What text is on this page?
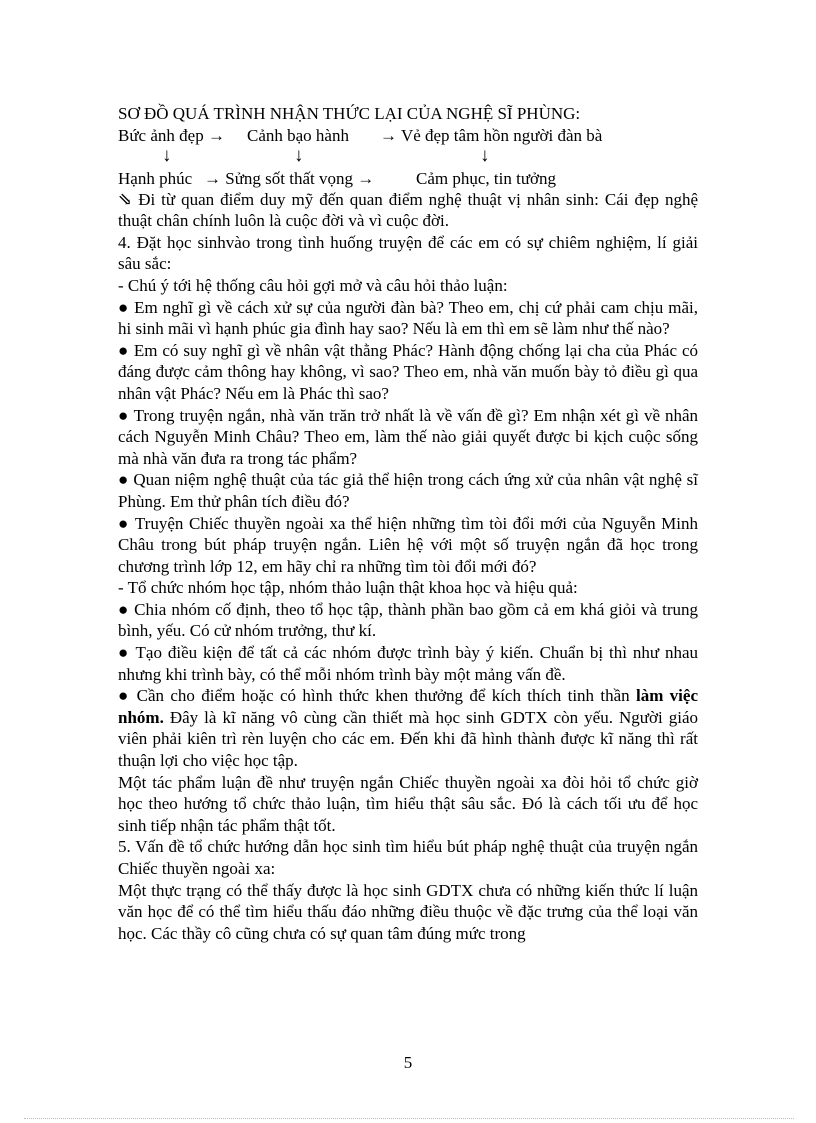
SƠ ĐỒ QUÁ TRÌNH NHẬN THỨC LẠI CỦA NGHỆ SĨ PHÙNG:

Bức ảnh đẹp → Cảnh bạo hành → Vẻ đẹp tâm hồn người đàn bà
↓	↓	↓
Hạnh phúc → Sửng sốt thất vọng → Cảm phục, tin tưởng

⇘ Đi từ quan điểm duy mỹ đến quan điểm nghệ thuật vị nhân sinh: Cái đẹp nghệ thuật chân chính luôn là cuộc đời và vì cuộc đời.

4. Đặt học sinhvào trong tình huống truyện để các em có sự chiêm nghiệm, lí giải sâu sắc:

- Chú ý tới hệ thống câu hỏi gợi mở và câu hỏi thảo luận:

● Em nghĩ gì về cách xử sự của người đàn bà? Theo em, chị cứ phải cam chịu mãi, hi sinh mãi vì hạnh phúc gia đình hay sao? Nếu là em thì em sẽ làm như thế nào?

● Em có suy nghĩ gì về nhân vật thằng Phác? Hành động chống lại cha của Phác có đáng được cảm thông hay không, vì sao? Theo em, nhà văn muốn bày tỏ điều gì qua nhân vật Phác? Nếu em là Phác thì sao?

● Trong truyện ngắn, nhà văn trăn trở nhất là về vấn đề gì? Em nhận xét gì về nhân cách Nguyễn Minh Châu? Theo em, làm thế nào giải quyết được bi kịch cuộc sống mà nhà văn đưa ra trong tác phẩm?

● Quan niệm nghệ thuật của tác giả thể hiện trong cách ứng xử của nhân vật nghệ sĩ Phùng. Em thử phân tích điều đó?

● Truyện Chiếc thuyền ngoài xa thể hiện những tìm tòi đổi mới của Nguyễn Minh Châu trong bút pháp truyện ngắn. Liên hệ với một số truyện ngắn đã học trong chương trình lớp 12, em hãy chỉ ra những tìm tòi đổi mới đó?

- Tổ chức nhóm học tập, nhóm thảo luận thật khoa học và hiệu quả:

● Chia nhóm cố định, theo tổ học tập, thành phần bao gồm cả em khá giỏi và trung bình, yếu. Có cử nhóm trưởng, thư kí.

● Tạo điều kiện để tất cả các nhóm được trình bày ý kiến. Chuẩn bị thì như nhau nhưng khi trình bày, có thể mỗi nhóm trình bày một mảng vấn đề.

● Cần cho điểm hoặc có hình thức khen thưởng để kích thích tinh thần làm việc nhóm. Đây là kĩ năng vô cùng cần thiết mà học sinh GDTX còn yếu. Người giáo viên phải kiên trì rèn luyện cho các em. Đến khi đã hình thành được kĩ năng thì rất thuận lợi cho việc học tập.

Một tác phẩm luận đề như truyện ngắn Chiếc thuyền ngoài xa đòi hỏi tổ chức giờ học theo hướng tổ chức thảo luận, tìm hiểu thật sâu sắc. Đó là cách tối ưu để học sinh tiếp nhận tác phẩm thật tốt.

5. Vấn đề tổ chức hướng dẫn học sinh tìm hiểu bút pháp nghệ thuật của truyện ngắn Chiếc thuyền ngoài xa:

Một thực trạng có thể thấy được là học sinh GDTX chưa có những kiến thức lí luận văn học để có thể tìm hiểu thấu đáo những điều thuộc về đặc trưng của thể loại văn học. Các thầy cô cũng chưa có sự quan tâm đúng mức trong

5
